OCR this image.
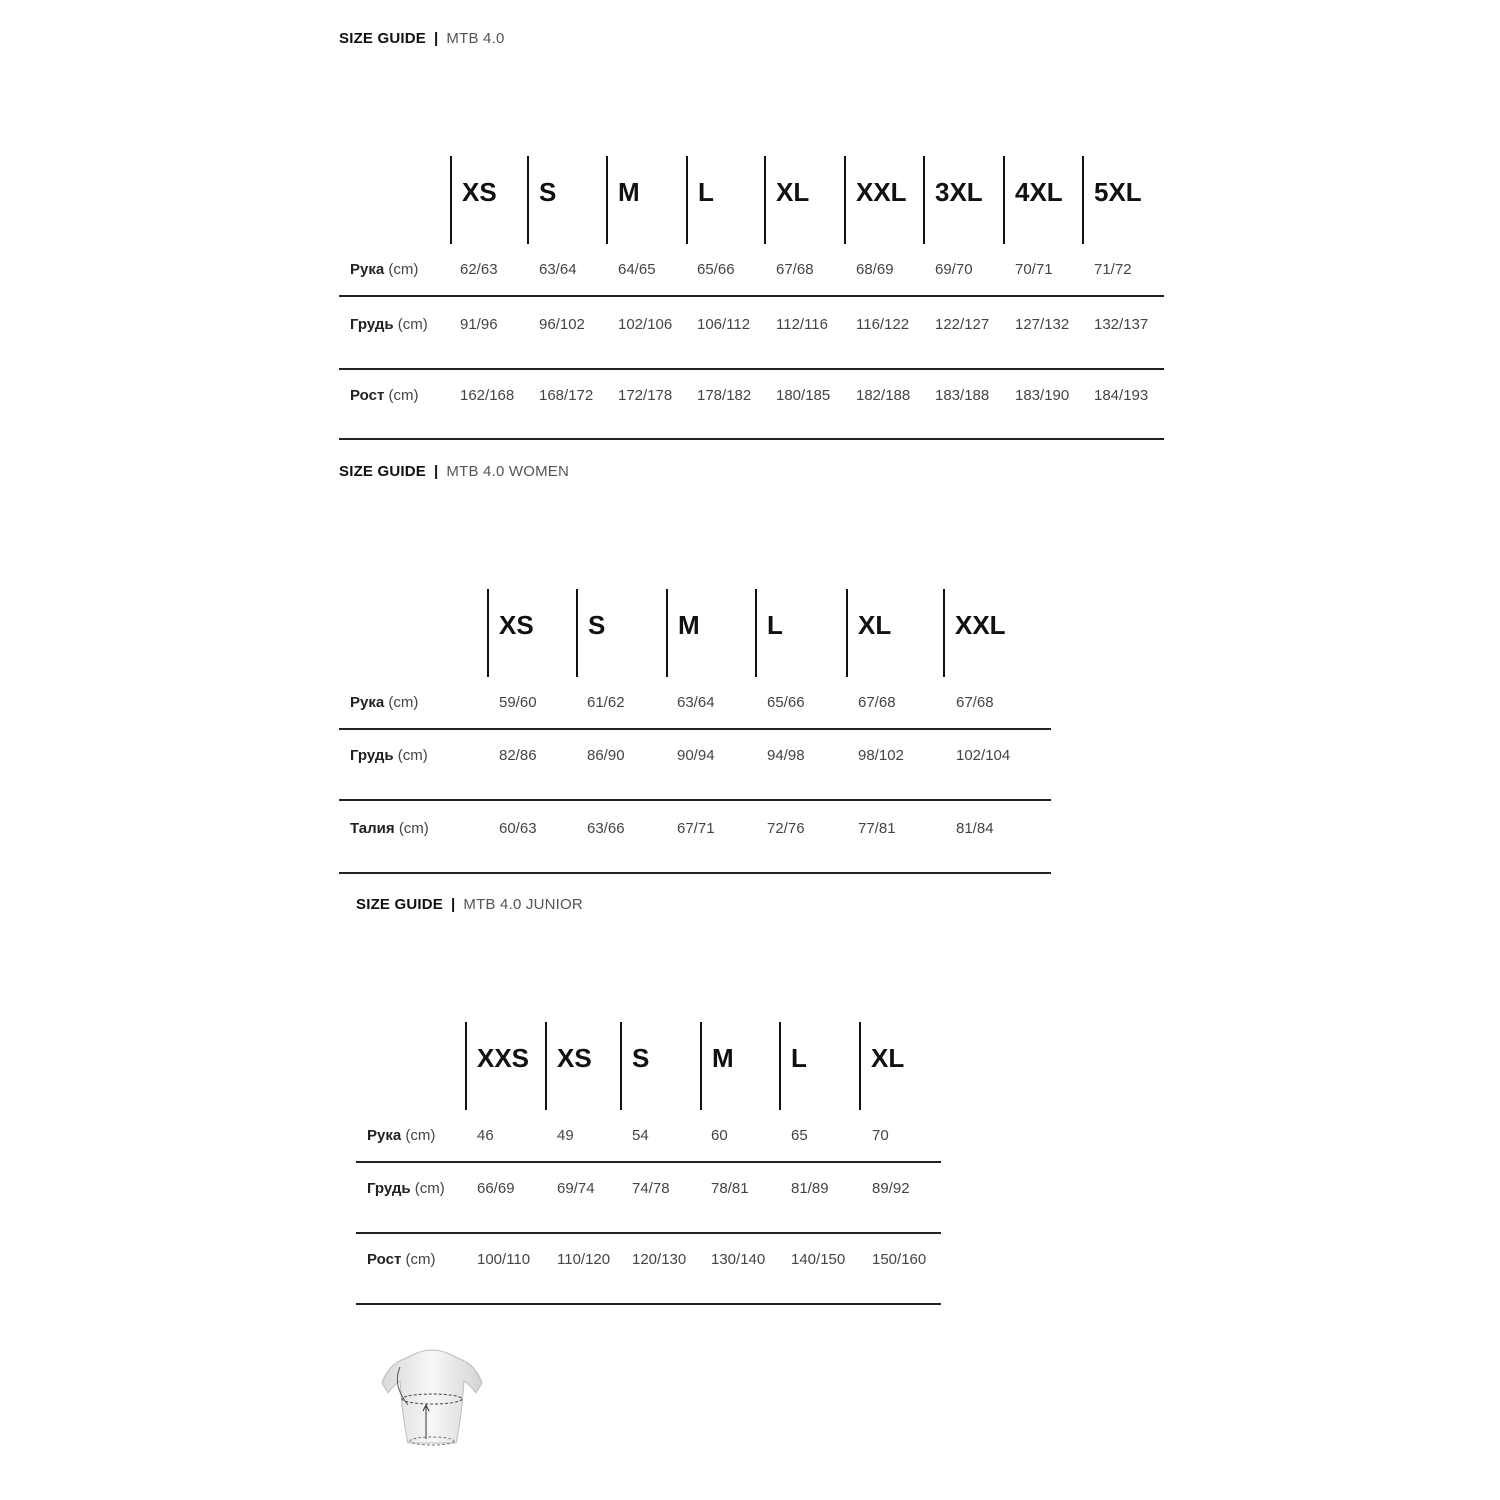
SIZE GUIDE | MTB 4.0
XS	S	M	L	XL	XXL	3XL	4XL	5XL
Рука (cm)	62/63	63/64	64/65	65/66	67/68	68/69	69/70	70/71	71/72
Грудь (cm) 91/96	96/102 102/106 106/112 112/116 116/122 122/127 127/132 132/137
Рост (cm)	162/168 168/172 172/178 178/182 180/185 182/188 183/188 183/190 184/193
SIZE GUIDE | MTB 4.0 WOMEN
XS	S	M	L	XL	XXL
Рука (cm)	59/60	61/62	63/64	65/66	67/68	67/68
Грудь (cm)	82/86	86/90	90/94	94/98	98/102	102/104
Талия (cm)	60/63	63/66	67/71	72/76	77/81	81/84
SIZE GUIDE | MTB 4.0 JUNIOR
XXS	XS	S	M	L	XL
Рука (cm)	46	49	54	60	65	70
Грудь (cm) 66/69	69/74 74/78	78/81	81/89	89/92
Рост (cm)	100/110 110/120 120/130 130/140 140/150 150/160
